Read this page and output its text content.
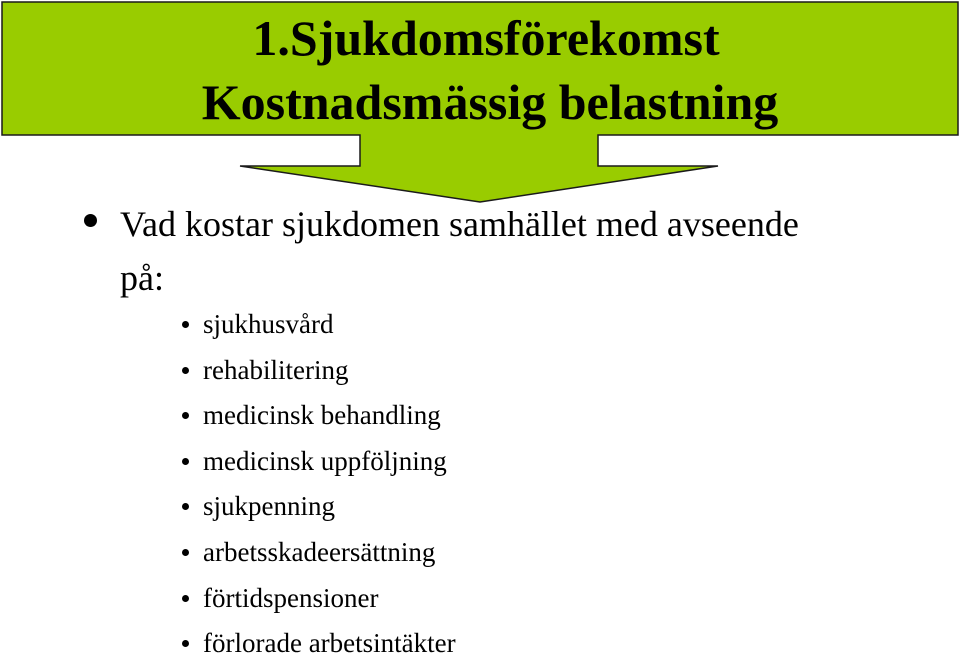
1.Sjukdomsförekomst
Kostnadsmässig belastning
Vad kostar sjukdomen samhället med avseende på:
sjukhusvård
rehabilitering
medicinsk behandling
medicinsk uppföljning
sjukpenning
arbetsskadeersättning
förtidspensioner
förlorade arbetsintäkter
